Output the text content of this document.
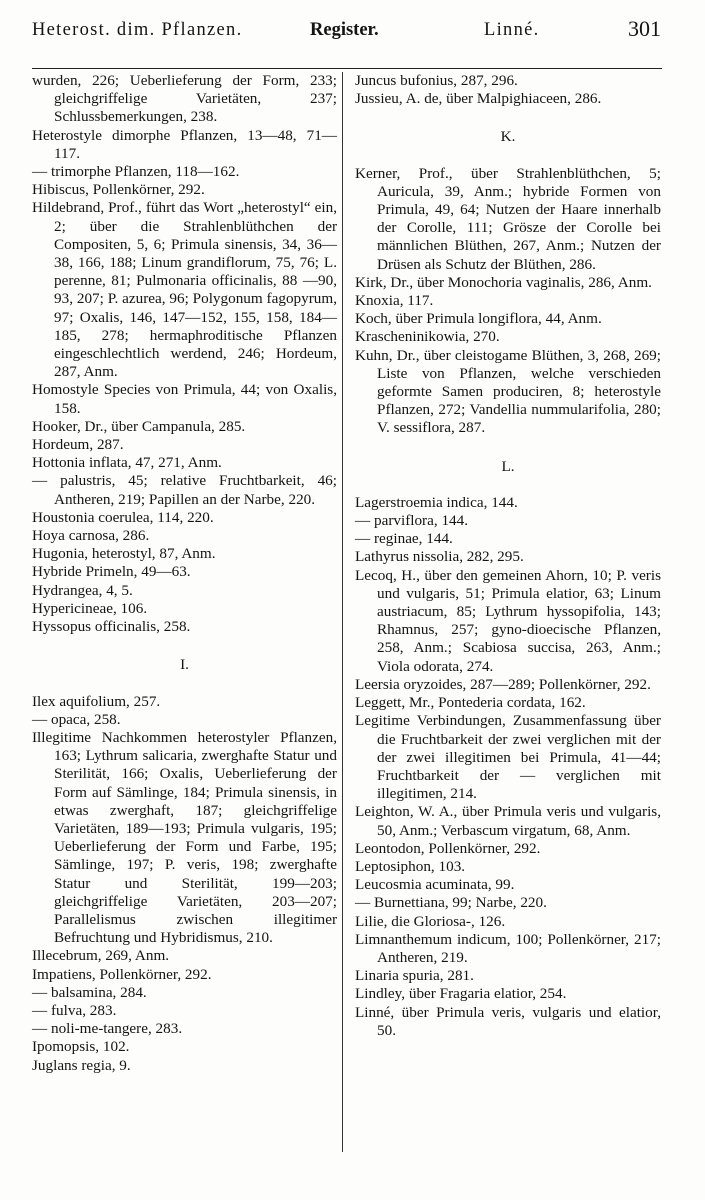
Heterost. dim. Pflanzen.	Register.	Linné.	301
wurden, 226; Ueberlieferung der Form, 233; gleichgriffelige Varietäten, 237; Schlussbemerkungen, 238.
Heterostyle dimorphe Pflanzen, 13—48, 71—117.
— trimorphe Pflanzen, 118—162.
Hibiscus, Pollenkörner, 292.
Hildebrand, Prof., führt das Wort „heterostyl“ ein, 2; über die Strahlenblüthchen der Compositen, 5, 6; Primula sinensis, 34, 36—38, 166, 188; Linum grandiflorum, 75, 76; L. perenne, 81; Pulmonaria officinalis, 88 —90, 93, 207; P. azurea, 96; Polygonum fagopyrum, 97; Oxalis, 146, 147—152, 155, 158, 184—185, 278; hermaphroditische Pflanzen eingeschlechtlich werdend, 246; Hordeum, 287, Anm.
Homostyle Species von Primula, 44; von Oxalis, 158.
Hooker, Dr., über Campanula, 285.
Hordeum, 287.
Hottonia inflata, 47, 271, Anm.
— palustris, 45; relative Fruchtbarkeit, 46; Antheren, 219; Papillen an der Narbe, 220.
Houstonia coerulea, 114, 220.
Hoya carnosa, 286.
Hugonia, heterostyl, 87, Anm.
Hybride Primeln, 49—63.
Hydrangea, 4, 5.
Hypericineae, 106.
Hyssopus officinalis, 258.
I.
Ilex aquifolium, 257.
— opaca, 258.
Illegitime Nachkommen heterostyler Pflanzen, 163; Lythrum salicaria, zwerghafte Statur und Sterilität, 166; Oxalis, Ueberlieferung der Form auf Sämlinge, 184; Primula sinensis, in etwas zwerghaft, 187; gleichgriffelige Varietäten, 189—193; Primula vulgaris, 195; Ueberlieferung der Form und Farbe, 195; Sämlinge, 197; P. veris, 198; zwerghafte Statur und Sterilität, 199—203; gleichgriffelige Varietäten, 203—207; Parallelismus zwischen illegitimer Befruchtung und Hybridismus, 210.
Illecebrum, 269, Anm.
Impatiens, Pollenkörner, 292.
— balsamina, 284.
— fulva, 283.
— noli-me-tangere, 283.
Ipomopsis, 102.
Juglans regia, 9.
Juncus bufonius, 287, 296.
Jussieu, A. de, über Malpighiaceen, 286.
K.
Kerner, Prof., über Strahlenblüthchen, 5; Auricula, 39, Anm.; hybride Formen von Primula, 49, 64; Nutzen der Haare innerhalb der Corolle, 111; Grösze der Corolle bei männlichen Blüthen, 267, Anm.; Nutzen der Drüsen als Schutz der Blüthen, 286.
Kirk, Dr., über Monochoria vaginalis, 286, Anm.
Knoxia, 117.
Koch, über Primula longiflora, 44, Anm.
Krascheninikowia, 270.
Kuhn, Dr., über cleistogame Blüthen, 3, 268, 269; Liste von Pflanzen, welche verschieden geformte Samen produciren, 8; heterostyle Pflanzen, 272; Vandellia nummularifolia, 280; V. sessiflora, 287.
L.
Lagerstroemia indica, 144.
— parviflora, 144.
— reginae, 144.
Lathyrus nissolia, 282, 295.
Lecoq, H., über den gemeinen Ahorn, 10; P. veris und vulgaris, 51; Primula elatior, 63; Linum austriacum, 85; Lythrum hyssopifolia, 143; Rhamnus, 257; gyno-dioecische Pflanzen, 258, Anm.; Scabiosa succisa, 263, Anm.; Viola odorata, 274.
Leersia oryzoides, 287—289; Pollenkörner, 292.
Leggett, Mr., Pontederia cordata, 162.
Legitime Verbindungen, Zusammenfassung über die Fruchtbarkeit der zwei verglichen mit der der zwei illegitimen bei Primula, 41—44; Fruchtbarkeit der — verglichen mit illegitimen, 214.
Leighton, W. A., über Primula veris und vulgaris, 50, Anm.; Verbascum virgatum, 68, Anm.
Leontodon, Pollenkörner, 292.
Leptosiphon, 103.
Leucosmia acuminata, 99.
— Burnettiana, 99; Narbe, 220.
Lilie, die Gloriosa-, 126.
Limnanthemum indicum, 100; Pollenkörner, 217; Antheren, 219.
Linaria spuria, 281.
Lindley, über Fragaria elatior, 254.
Linné, über Primula veris, vulgaris und elatior, 50.
